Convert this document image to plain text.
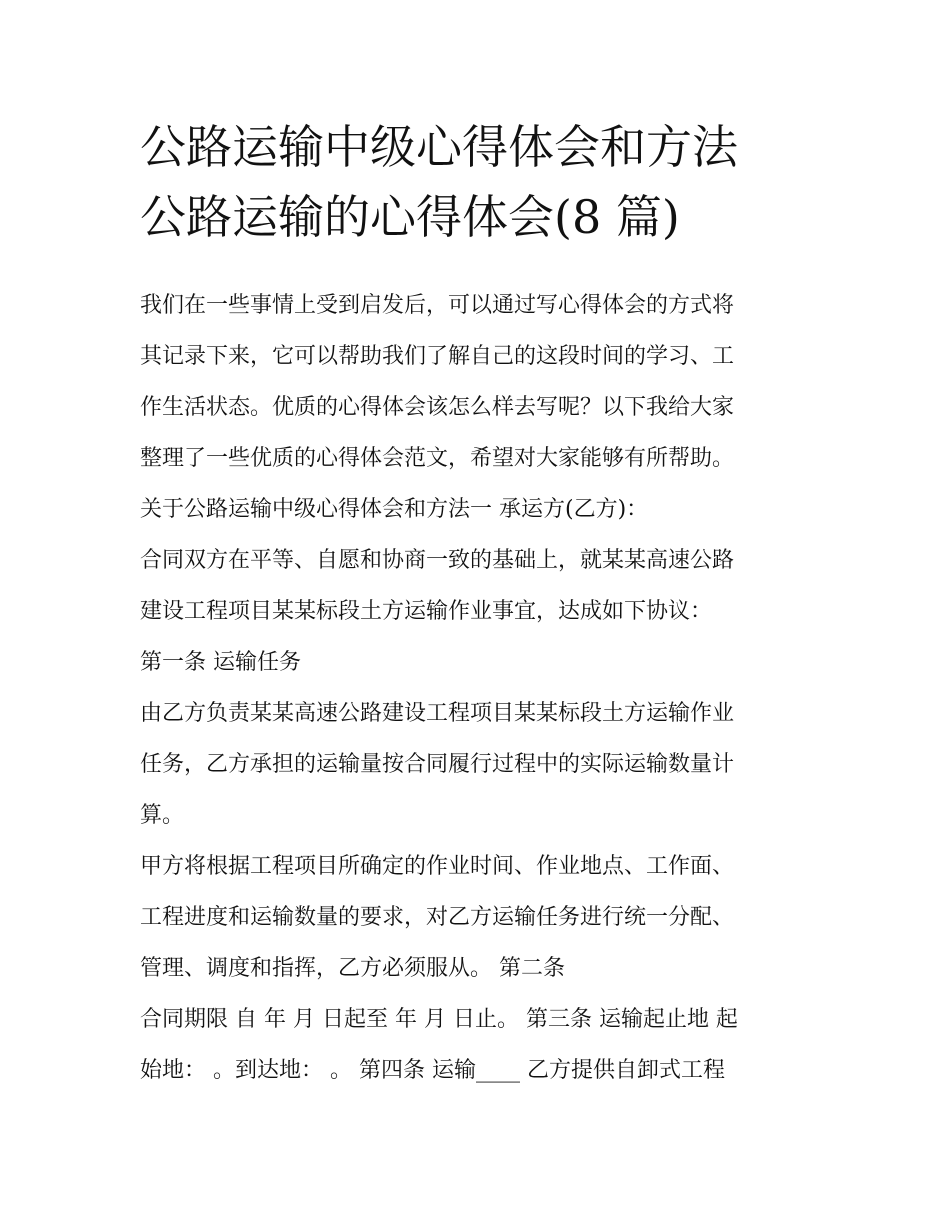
公路运输中级心得体会和方法
公路运输的心得体会(8 篇)
我们在一些事情上受到启发后，可以通过写心得体会的方式将
其记录下来，它可以帮助我们了解自己的这段时间的学习、工
作生活状态。优质的心得体会该怎么样去写呢？以下我给大家
整理了一些优质的心得体会范文，希望对大家能够有所帮助。
关于公路运输中级心得体会和方法一 承运方(乙方)：
合同双方在平等、自愿和协商一致的基础上，就某某高速公路
建设工程项目某某标段土方运输作业事宜，达成如下协议：
第一条 运输任务
由乙方负责某某高速公路建设工程项目某某标段土方运输作业
任务，乙方承担的运输量按合同履行过程中的实际运输数量计
算。
甲方将根据工程项目所确定的作业时间、作业地点、工作面、
工程进度和运输数量的要求，对乙方运输任务进行统一分配、
管理、调度和指挥，乙方必须服从。 第二条
合同期限 自 年 月 日起至 年 月 日止。 第三条 运输起止地 起
始地： 。到达地： 。 第四条 运输____ 乙方提供自卸式工程
